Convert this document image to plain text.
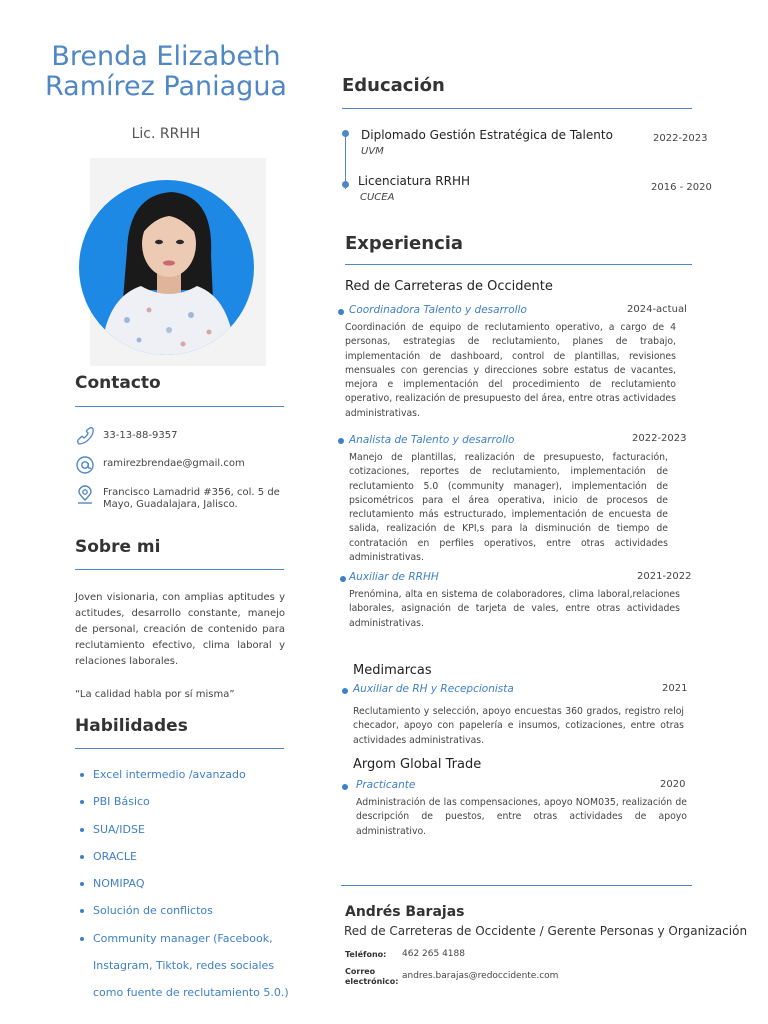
Brenda Elizabeth
Ramírez Paniagua
Lic. RRHH
Contacto
33-13-88-9357
ramirezbrendae@gmail.com
Francisco Lamadrid #356, col. 5 de
Mayo, Guadalajara, Jalisco.
Sobre mi
Joven visionaria, con amplias aptitudes y actitudes, desarrollo constante, manejo de personal, creación de contenido para reclutamiento efectivo, clima laboral y relaciones laborales.
“La calidad habla por sí misma”
Habilidades
Excel intermedio /avanzado
PBI Básico
SUA/IDSE
ORACLE
NOMIPAQ
Solución de conflictos
Community manager (Facebook,
Instagram, Tiktok, redes sociales
como fuente de reclutamiento 5.0.)
Educación
Diplomado Gestión Estratégica de Talento
UVM
2022-2023
Licenciatura RRHH
CUCEA
2016 - 2020
Experiencia
Red de Carreteras de Occidente
Coordinadora Talento y desarrollo	2024-actual
Coordinación de equipo de reclutamiento operativo, a cargo de 4 personas, estrategias de reclutamiento, planes de trabajo, implementación de dashboard, control de plantillas, revisiones mensuales con gerencias y direcciones sobre estatus de vacantes, mejora e implementación del procedimiento de reclutamiento operativo, realización de presupuesto del área, entre otras actividades administrativas.
Analista de Talento y desarrollo	2022-2023
Manejo de plantillas, realización de presupuesto, facturación, cotizaciones, reportes de reclutamiento, implementación de reclutamiento 5.0 (community manager), implementación de psicométricos para el área operativa, inicio de procesos de reclutamiento más estructurado, implementación de encuesta de salida, realización de KPI,s para la disminución de tiempo de contratación en perfiles operativos, entre otras actividades administrativas.
Auxiliar de RRHH	2021-2022
Prenómina, alta en sistema de colaboradores, clima laboral,relaciones laborales, asignación de tarjeta de vales, entre otras actividades administrativas.
Medimarcas
Auxiliar de RH y Recepcionista	2021
Reclutamiento y selección, apoyo encuestas 360 grados, registro reloj checador, apoyo con papelería e insumos, cotizaciones, entre otras actividades administrativas.
Argom Global Trade
Practicante	2020
Administración de las compensaciones, apoyo NOM035, realización de descripción de puestos, entre otras actividades de apoyo administrativo.
Andrés Barajas
Red de Carreteras de Occidente / Gerente Personas y Organización
Teléfono: 462 265 4188
Correo
electrónico:
andres.barajas@redoccidente.com
